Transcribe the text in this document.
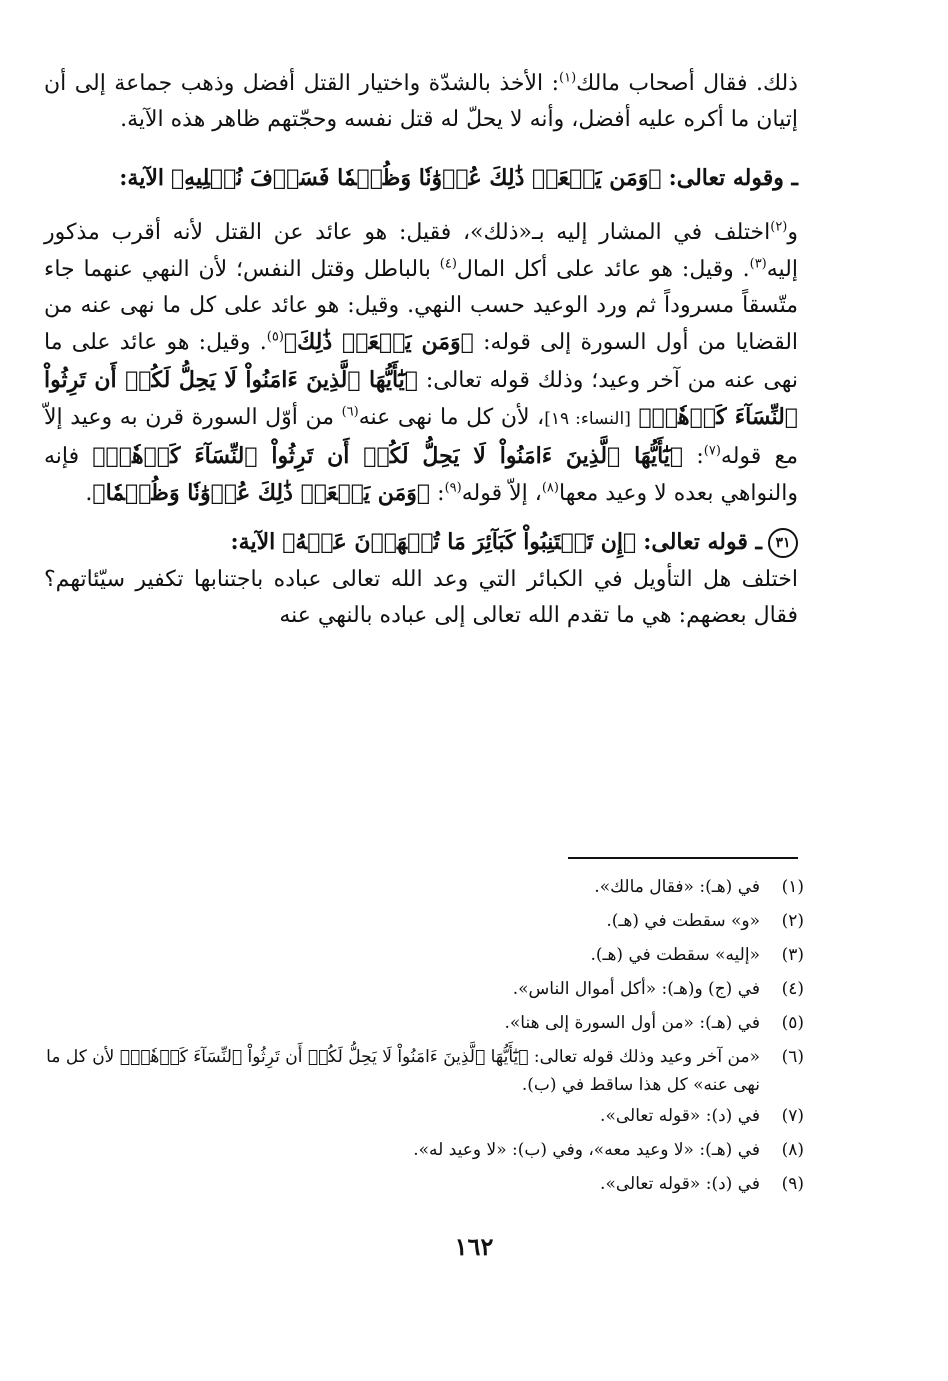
ذلك. فقال أصحاب مالك$^{(١)}$: الأخذ بالشدّة واختيار القتل أفضل وذهب جماعة إلى أن إتيان ما أكره عليه أفضل، وأنه لا يحلّ له قتل نفسه وحجّتهم ظاهر هذه الآية.

ـ وقوله تعالى: ﴿وَمَن يَفۡعَلۡ ذَٰلِكَ عُدۡوَٰنٗا وَظُلۡمٗا فَسَوۡفَ نُصۡلِيهِ﴾ الآية:

و$^{(٢)}$اختلف في المشار إليه بـ«ذلك»، فقيل: هو عائد عن القتل لأنه أقرب مذكور إليه$^{(٣)}$. وقيل: هو عائد على أكل المال$^{(٤)}$ بالباطل وقتل النفس؛ لأن النهي عنهما جاء متّسقاً مسروداً ثم ورد الوعيد حسب النهي. وقيل: هو عائد على كل ما نهى عنه من القضايا من أول السورة إلى قوله: ﴿وَمَن يَفۡعَلۡ ذَٰلِكَ﴾$^{(٥)}$. وقيل: هو عائد على ما نهى عنه من آخر وعيد؛ وذلك قوله تعالى: ﴿يَٰٓأَيُّهَا ٱلَّذِينَ ءَامَنُواْ لَا يَحِلُّ لَكُمۡ أَن تَرِثُواْ ٱلنِّسَآءَ كَرۡهٗاۖ﴾ [النساء: ١٩]، لأن كل ما نهى عنه$^{(٦)}$ من أوّل السورة قرن به وعيد إلاّ مع قوله$^{(٧)}$: ﴿يَٰٓأَيُّهَا ٱلَّذِينَ ءَامَنُواْ لَا يَحِلُّ لَكُمۡ أَن تَرِثُواْ ٱلنِّسَآءَ كَرۡهٗاۖ﴾ فإنه والنواهي بعده لا وعيد معها$^{(٨)}$، إلاّ قوله$^{(٩)}$: ﴿وَمَن يَفۡعَلۡ ذَٰلِكَ عُدۡوَٰنٗا وَظُلۡمٗا﴾.

٣١ـ قوله تعالى: ﴿إِن تَجۡتَنِبُواْ كَبَآئِرَ مَا تُنۡهَوۡنَ عَنۡهُ﴾ الآية:

اختلف هل التأويل في الكبائر التي وعد الله تعالى عباده باجتنابها تكفير سيّئاتهم؟ فقال بعضهم: هي ما تقدم الله تعالى إلى عباده بالنهي عنه

(١)
في (هـ): «فقال مالك».
(٢)
«و» سقطت في (هـ).
(٣)
«إليه» سقطت في (هـ).
(٤)
في (ج) و(هـ): «أكل أموال الناس».
(٥)
في (هـ): «من أول السورة إلى هنا».
(٦)
«من آخر وعيد وذلك قوله تعالى: ﴿يَٰٓأَيُّهَا ٱلَّذِينَ ءَامَنُواْ لَا يَحِلُّ لَكُمۡ أَن تَرِثُواْ ٱلنِّسَآءَ كَرۡهٗاۖ﴾ لأن كل ما نهى عنه» كل هذا ساقط في (ب).
(٧)
في (د): «قوله تعالى».
(٨)
في (هـ): «لا وعيد معه»، وفي (ب): «لا وعيد له».
(٩)
في (د): «قوله تعالى».
١٦٢
